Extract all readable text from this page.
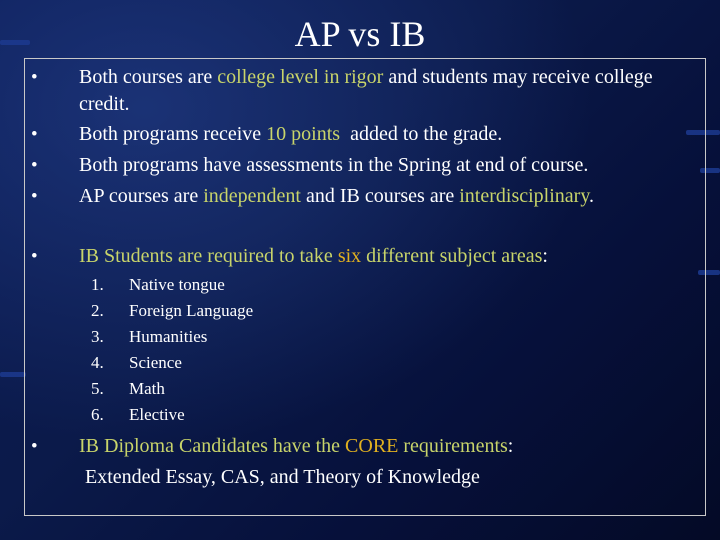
AP vs IB
• Both courses are college level in rigor and students may receive college credit.
• Both programs receive 10 points  added to the grade.
• Both programs have assessments in the Spring at end of course.
• AP courses are independent and IB courses are interdisciplinary.
• IB Students are required to take six different subject areas:
1.	Native tongue
2.	Foreign Language
3.	Humanities
4.	Science
5.	Math
6.	Elective
• IB Diploma Candidates have the CORE requirements:
Extended Essay, CAS, and Theory of Knowledge
